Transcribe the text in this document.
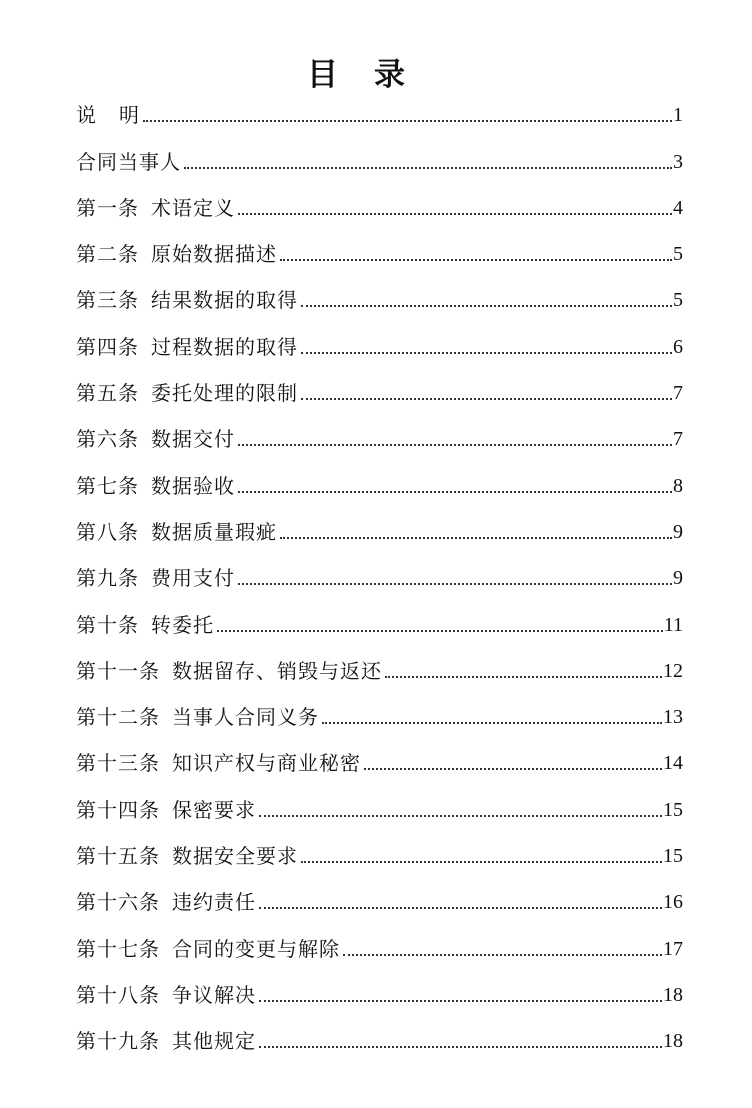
目 录
说 明	1
合同当事人	3
第一条 术语定义	4
第二条 原始数据描述	5
第三条 结果数据的取得	5
第四条 过程数据的取得	6
第五条 委托处理的限制	7
第六条 数据交付	7
第七条 数据验收	8
第八条 数据质量瑕疵	9
第九条 费用支付	9
第十条 转委托	11
第十一条 数据留存、销毁与返还	12
第十二条 当事人合同义务	13
第十三条 知识产权与商业秘密	14
第十四条 保密要求	15
第十五条 数据安全要求	15
第十六条 违约责任	16
第十七条 合同的变更与解除	17
第十八条 争议解决	18
第十九条 其他规定	18
